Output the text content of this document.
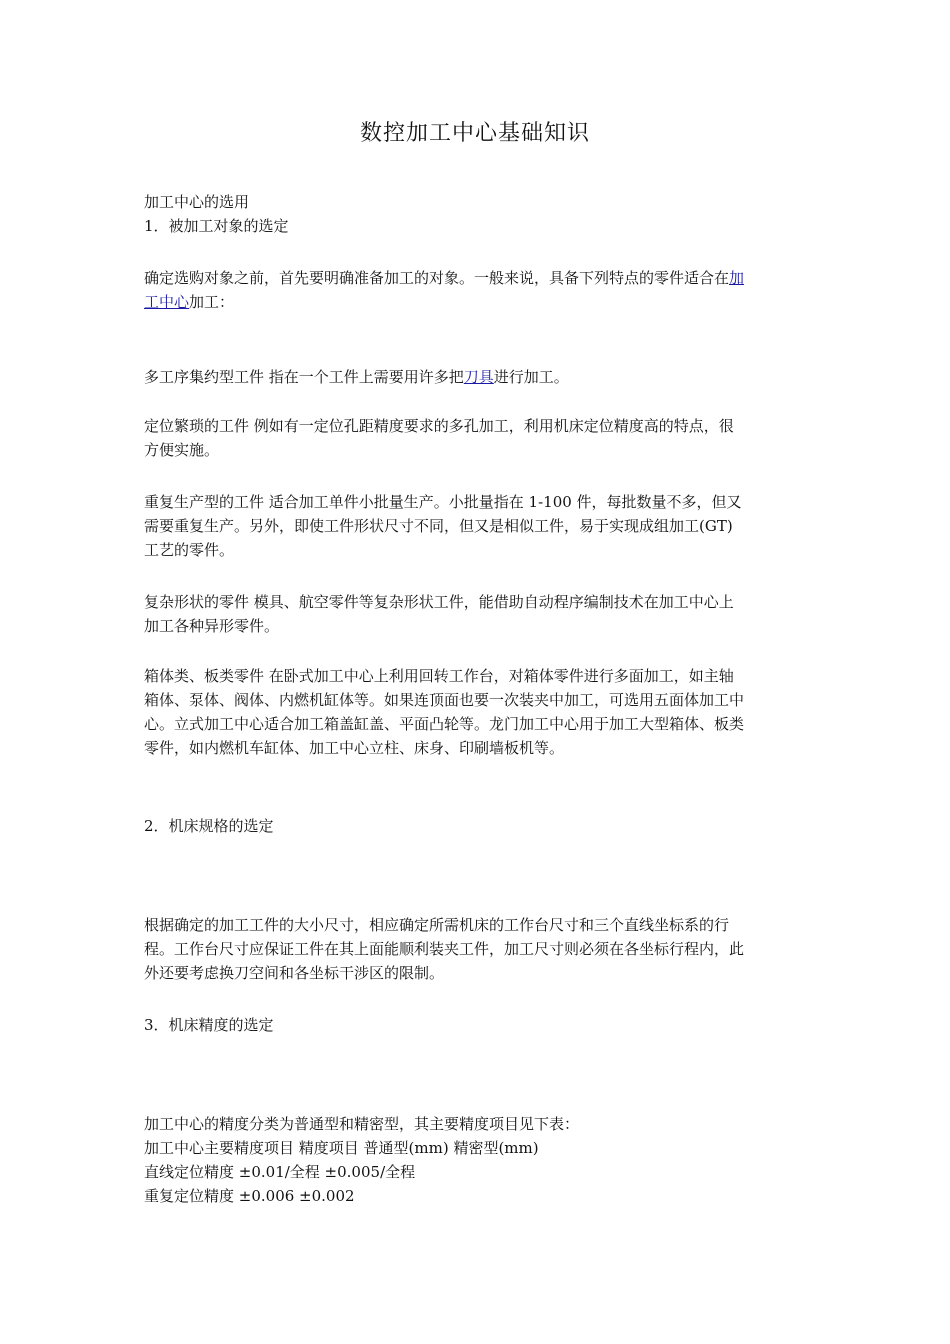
数控加工中心基础知识
加工中心的选用
1．被加工对象的选定
确定选购对象之前，首先要明确准备加工的对象。一般来说，具备下列特点的零件适合在加
工中心加工：
多工序集约型工件 指在一个工件上需要用许多把刀具进行加工。
定位繁琐的工件 例如有一定位孔距精度要求的多孔加工，利用机床定位精度高的特点，很
方便实施。
重复生产型的工件 适合加工单件小批量生产。小批量指在 1-100 件，每批数量不多，但又
需要重复生产。另外，即使工件形状尺寸不同，但又是相似工件，易于实现成组加工(GT)
工艺的零件。
复杂形状的零件 模具、航空零件等复杂形状工件，能借助自动程序编制技术在加工中心上
加工各种异形零件。
箱体类、板类零件 在卧式加工中心上利用回转工作台，对箱体零件进行多面加工，如主轴
箱体、泵体、阀体、内燃机缸体等。如果连顶面也要一次装夹中加工，可选用五面体加工中
心。立式加工中心适合加工箱盖缸盖、平面凸轮等。龙门加工中心用于加工大型箱体、板类
零件，如内燃机车缸体、加工中心立柱、床身、印刷墙板机等。
2．机床规格的选定
根据确定的加工工件的大小尺寸，相应确定所需机床的工作台尺寸和三个直线坐标系的行
程。工作台尺寸应保证工件在其上面能顺利装夹工件，加工尺寸则必须在各坐标行程内，此
外还要考虑换刀空间和各坐标干涉区的限制。
3．机床精度的选定
加工中心的精度分类为普通型和精密型，其主要精度项目见下表：
加工中心主要精度项目 精度项目 普通型(mm) 精密型(mm)
直线定位精度 ±0.01/全程 ±0.005/全程
重复定位精度 ±0.006 ±0.002
